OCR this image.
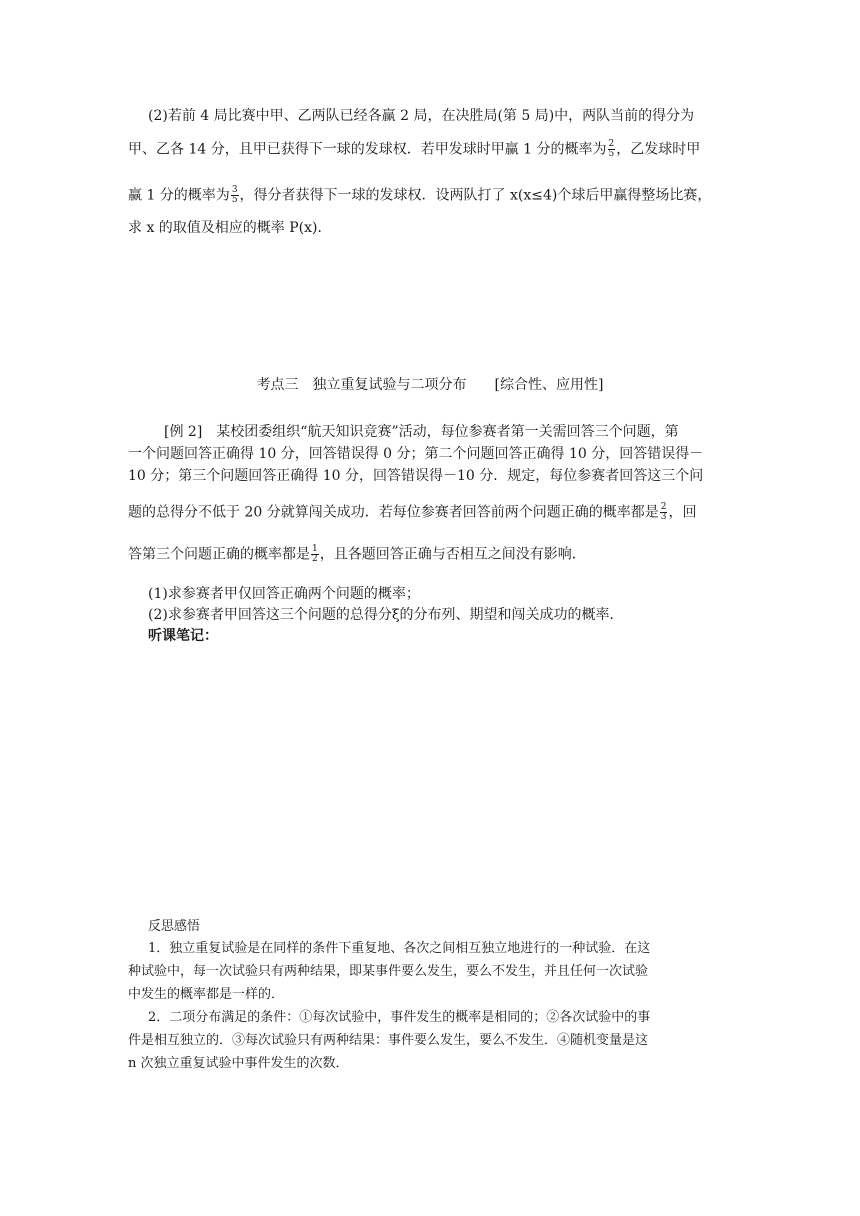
(2)若前 4 局比赛中甲、乙两队已经各赢 2 局，在决胜局(第 5 局)中，两队当前的得分为
甲、乙各 14 分，且甲已获得下一球的发球权．若甲发球时甲赢 1 分的概率为 $\frac{2}{5}$ ，乙发球时甲
赢 1 分的概率为 $\frac{3}{5}$ ，得分者获得下一球的发球权．设两队打了 x(x≤4)个球后甲赢得整场比赛，
求 x 的取值及相应的概率 P(x)．
考点三　独立重复试验与二项分布 [综合性、应用性]
[例 2]　某校团委组织“航天知识竞赛”活动，每位参赛者第一关需回答三个问题，第
一个问题回答正确得 10 分，回答错误得 0 分；第二个问题回答正确得 10 分，回答错误得－
10 分；第三个问题回答正确得 10 分，回答错误得－10 分．规定，每位参赛者回答这三个问
题的总得分不低于 20 分就算闯关成功．若每位参赛者回答前两个问题正确的概率都是 $\frac{2}{3}$ ，回
答第三个问题正确的概率都是 $\frac{1}{2}$ ，且各题回答正确与否相互之间没有影响．
(1)求参赛者甲仅回答正确两个问题的概率；
(2)求参赛者甲回答这三个问题的总得分ξ的分布列、期望和闯关成功的概率．
听课笔记：
反思感悟
1．独立重复试验是在同样的条件下重复地、各次之间相互独立地进行的一种试验．在这
种试验中，每一次试验只有两种结果，即某事件要么发生，要么不发生，并且任何一次试验
中发生的概率都是一样的．
2．二项分布满足的条件：①每次试验中，事件发生的概率是相同的；②各次试验中的事
件是相互独立的．③每次试验只有两种结果：事件要么发生，要么不发生．④随机变量是这
n 次独立重复试验中事件发生的次数．
